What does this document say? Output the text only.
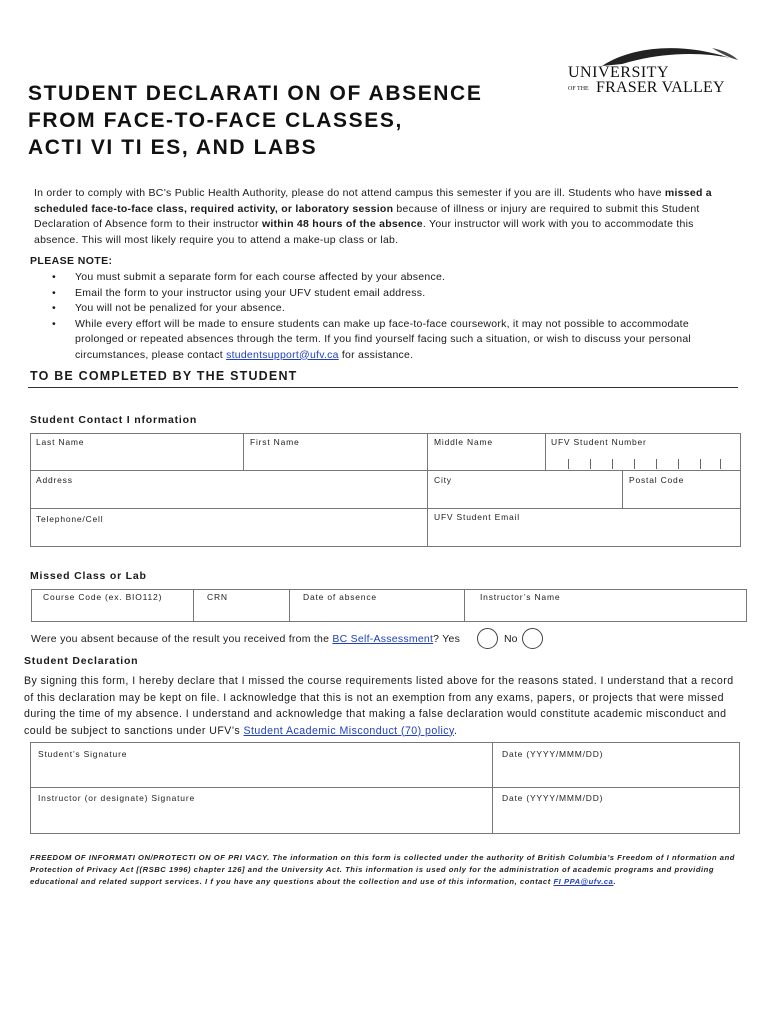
STUDENT DECLARATI ON OF ABSENCE
FROM FACE-TO-FACE CLASSES,
ACTI VI TI ES, AND LABS
UNIVERSITY
OF THE FRASER VALLEY
In order to comply with BC’s Public Health Authority, please do not attend campus this semester if you are ill. Students who have missed a scheduled face-to-face class, required activity, or laboratory session because of illness or injury are required to submit this Student Declaration of Absence form to their instructor within 48 hours of the absence. Your instructor will work with you to accommodate this absence. This will most likely require you to attend a make-up class or lab.
PLEASE NOTE:
• You must submit a separate form for each course affected by your absence.
• Email the form to your instructor using your UFV student email address.
• You will not be penalized for your absence.
• While every effort will be made to ensure students can make up face-to-face coursework, it may not possible to accommodate prolonged or repeated absences through the term. If you find yourself facing such a situation, or wish to discuss your personal circumstances, please contact studentsupport@ufv.ca for assistance.
TO BE COMPLETED BY THE STUDENT
Student Contact I nformation
Last Name	First Name	Middle Name	UFV Student Number
Address	City	Postal Code
Telephone/Cell	UFV Student Email
Missed Class or Lab
Course Code (ex. BIO112)	CRN	Date of absence	Instructor’s Name
Were you absent because of the result you received from the BC Self-Assessment? Yes	No
Student Declaration
By signing this form, I hereby declare that I missed the course requirements listed above for the reasons stated. I understand that a record of this declaration may be kept on file. I acknowledge that this is not an exemption from any exams, papers, or projects that were missed during the time of my absence. I understand and acknowledge that making a false declaration would constitute academic misconduct and could be subject to sanctions under UFV’s Student Academic Misconduct (70) policy.
Student’s Signature	Date (YYYY/MMM/DD)
Instructor (or designate) Signature	Date (YYYY/MMM/DD)
FREEDOM OF INFORMATI ON/PROTECTI ON OF PRI VACY. The information on this form is collected under the authority of British Columbia’s Freedom of I nformation and Protection of Privacy Act [(RSBC 1996) chapter 126] and the University Act. This information is used only for the administration of academic programs and providing educational and related support services. I f you have any questions about the collection and use of this information, contact FI PPA@ufv.ca.
